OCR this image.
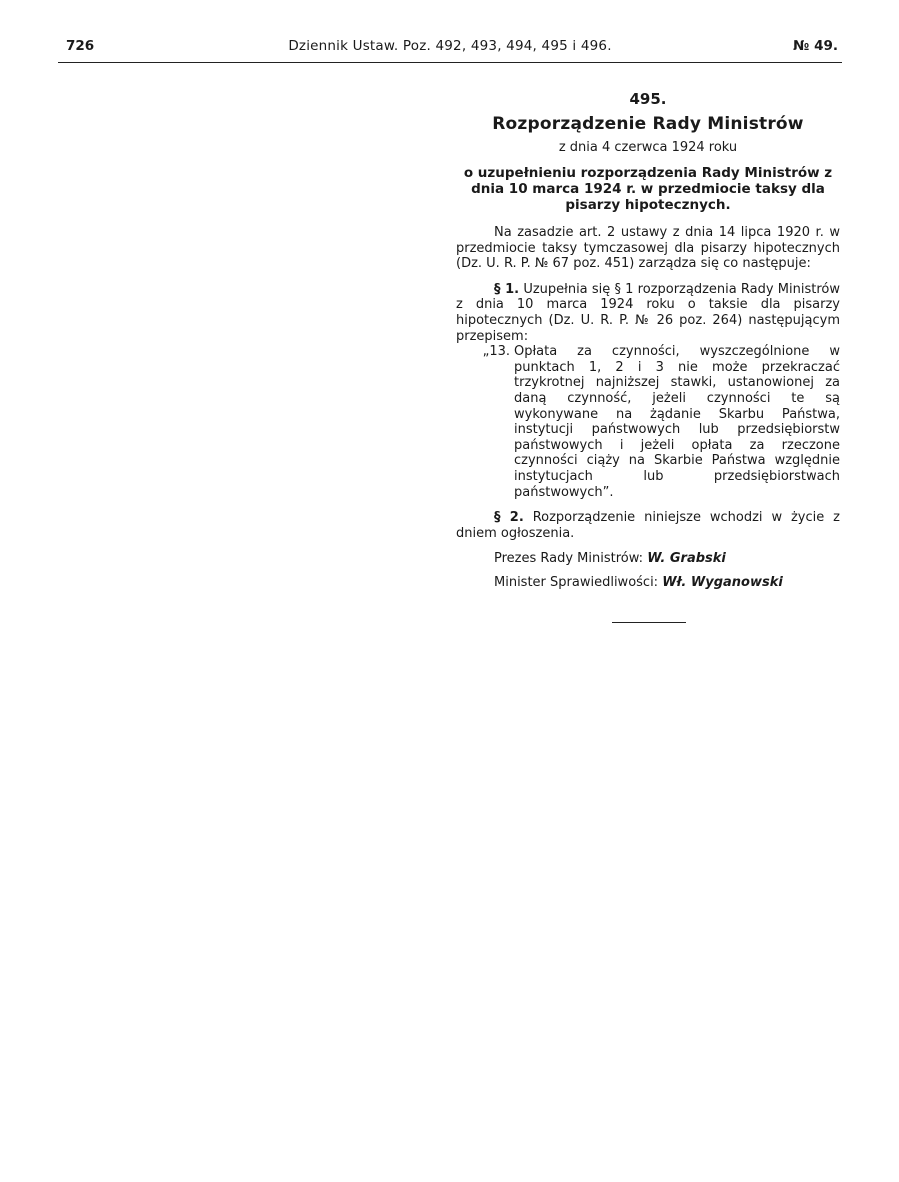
726	Dziennik Ustaw. Poz. 492, 493, 494, 495 i 496.	№ 49.
495.
Rozporządzenie Rady Ministrów
z dnia 4 czerwca 1924 roku
o uzupełnieniu rozporządzenia Rady Ministrów z dnia 10 marca 1924 r. w przedmiocie taksy dla pisarzy hipotecznych.

Na zasadzie art. 2 ustawy z dnia 14 lipca 1920 r. w przedmiocie taksy tymczasowej dla pisarzy hipotecznych (Dz. U. R. P. № 67 poz. 451) zarządza się co następuje:

§ 1. Uzupełnia się § 1 rozporządzenia Rady Ministrów z dnia 10 marca 1924 roku o taksie dla pisarzy hipotecznych (Dz. U. R. P. № 26 poz. 264) następującym przepisem:

„13. Opłata za czynności, wyszczególnione w punktach 1, 2 i 3 nie może przekraczać trzykrotnej najniższej stawki, ustanowionej za daną czynność, jeżeli czynności te są wykonywane na żądanie Skarbu Państwa, instytucji państwowych lub przedsiębiorstw państwowych i jeżeli opłata za rzeczone czynności ciąży na Skarbie Państwa względnie instytucjach lub przedsiębiorstwach państwowych”.

§ 2. Rozporządzenie niniejsze wchodzi w życie z dniem ogłoszenia.

Prezes Rady Ministrów: W. Grabski
Minister Sprawiedliwości: Wł. Wyganowski
